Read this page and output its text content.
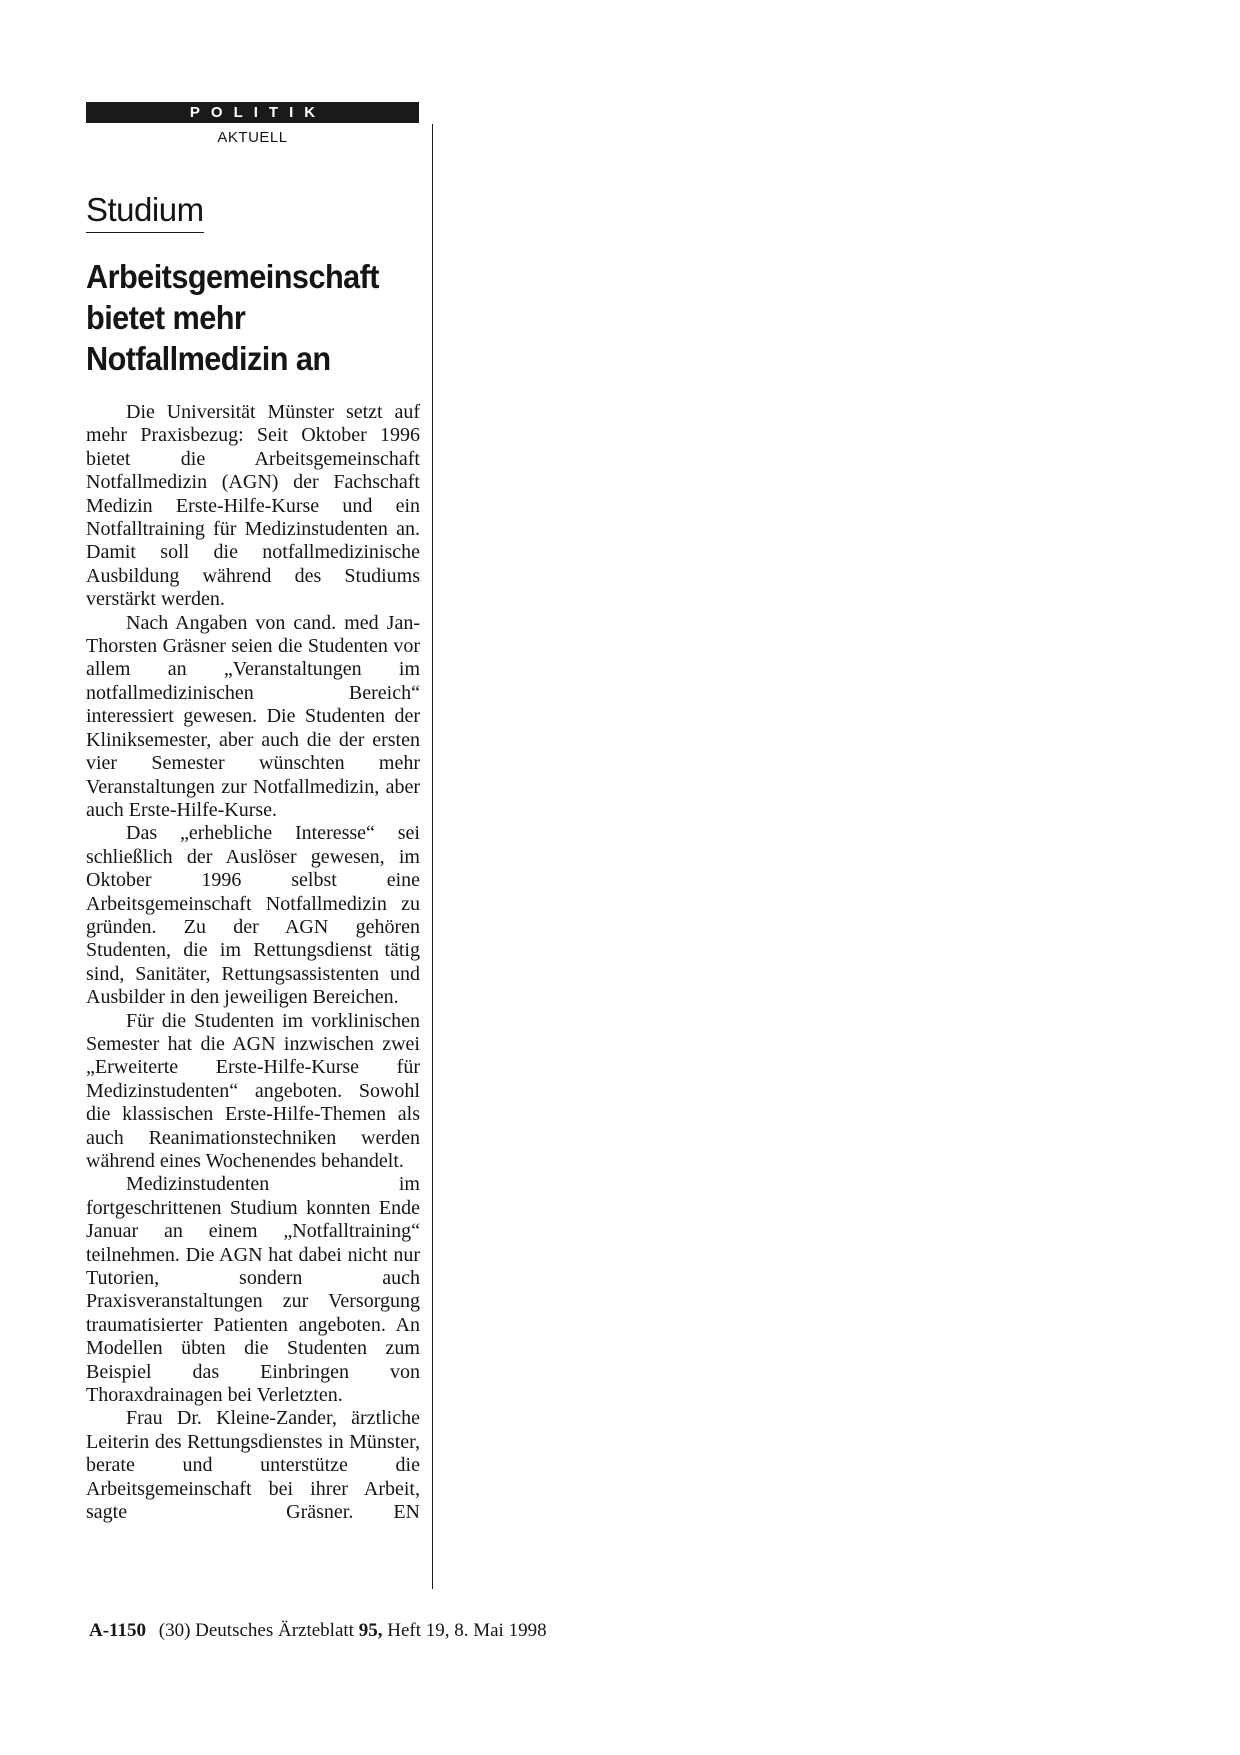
POLITIK
AKTUELL
Studium
Arbeitsgemeinschaft bietet mehr Notfallmedizin an

Die Universität Münster setzt auf mehr Praxisbezug: Seit Oktober 1996 bietet die Arbeitsgemeinschaft Notfallmedizin (AGN) der Fachschaft Medizin Erste-Hilfe-Kurse und ein Notfalltraining für Medizinstudenten an. Damit soll die notfallmedizinische Ausbildung während des Studiums verstärkt werden.

Nach Angaben von cand. med Jan-Thorsten Gräsner seien die Studenten vor allem an „Veranstaltungen im notfallmedizinischen Bereich“ interessiert gewesen. Die Studenten der Kliniksemester, aber auch die der ersten vier Semester wünschten mehr Veranstaltungen zur Notfallmedizin, aber auch Erste-Hilfe-Kurse.

Das „erhebliche Interesse“ sei schließlich der Auslöser gewesen, im Oktober 1996 selbst eine Arbeitsgemeinschaft Notfallmedizin zu gründen. Zu der AGN gehören Studenten, die im Rettungsdienst tätig sind, Sanitäter, Rettungsassistenten und Ausbilder in den jeweiligen Bereichen.

Für die Studenten im vorklinischen Semester hat die AGN inzwischen zwei „Erweiterte Erste-Hilfe-Kurse für Medizinstudenten“ angeboten. Sowohl die klassischen Erste-Hilfe-Themen als auch Reanimationstechniken werden während eines Wochenendes behandelt.

Medizinstudenten im fortgeschrittenen Studium konnten Ende Januar an einem „Notfalltraining“ teilnehmen. Die AGN hat dabei nicht nur Tutorien, sondern auch Praxisveranstaltungen zur Versorgung traumatisierter Patienten angeboten. An Modellen übten die Studenten zum Beispiel das Einbringen von Thoraxdrainagen bei Verletzten.

Frau Dr. Kleine-Zander, ärztliche Leiterin des Rettungsdienstes in Münster, berate und unterstütze die Arbeitsgemeinschaft bei ihrer Arbeit, sagte Gräsner.	EN

A-1150 (30) Deutsches Ärzteblatt 95, Heft 19, 8. Mai 1998
